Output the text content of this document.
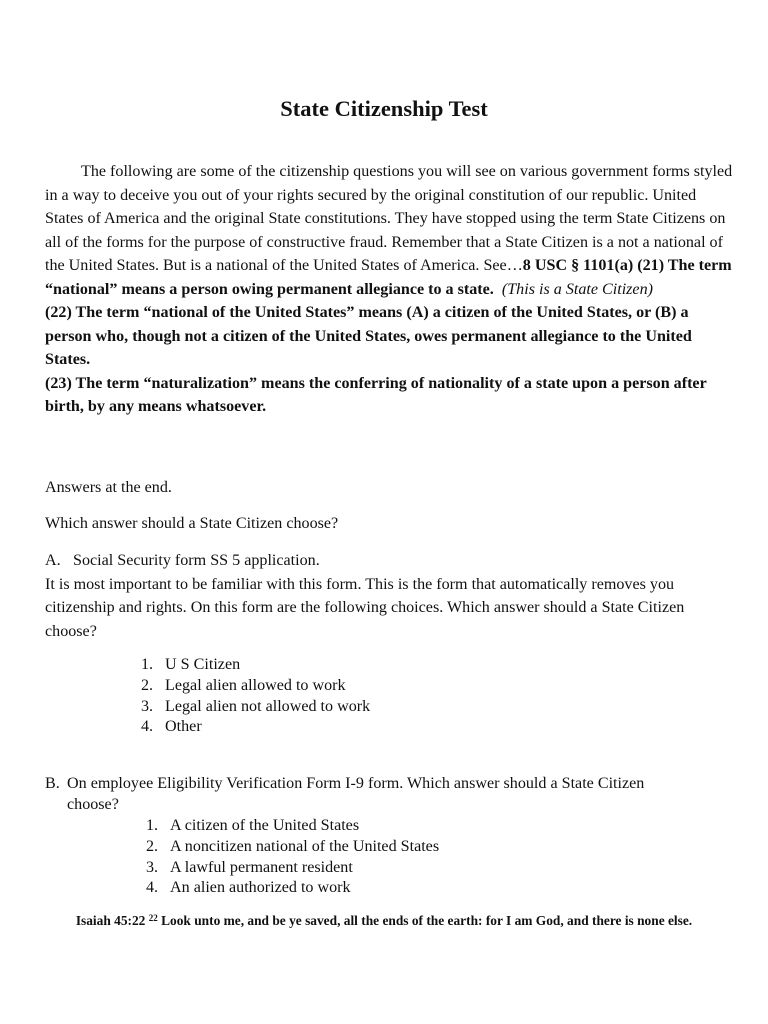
State Citizenship Test
The following are some of the citizenship questions you will see on various government forms styled in a way to deceive you out of your rights secured by the original constitution of our republic. United States of America and the original State constitutions. They have stopped using the term State Citizens on all of the forms for the purpose of constructive fraud. Remember that a State Citizen is a not a national of the United States. But is a national of the United States of America. See…8 USC § 1101(a) (21) The term “national” means a person owing permanent allegiance to a state. (This is a State Citizen)
(22) The term “national of the United States” means (A) a citizen of the United States, or (B) a person who, though not a citizen of the United States, owes permanent allegiance to the United States.
(23) The term “naturalization” means the conferring of nationality of a state upon a person after birth, by any means whatsoever.

Answers at the end.

Which answer should a State Citizen choose?

A. Social Security form SS 5 application.
It is most important to be familiar with this form. This is the form that automatically removes you citizenship and rights. On this form are the following choices. Which answer should a State Citizen choose?
1. U S Citizen
2. Legal alien allowed to work
3. Legal alien not allowed to work
4. Other
B. On employee Eligibility Verification Form I-9 form. Which answer should a State Citizen
choose?
1. A citizen of the United States
2. A noncitizen national of the United States
3. A lawful permanent resident
4. An alien authorized to work

Isaiah 45:22 $^{22}$ Look unto me, and be ye saved, all the ends of the earth: for I am God, and there is none else.
